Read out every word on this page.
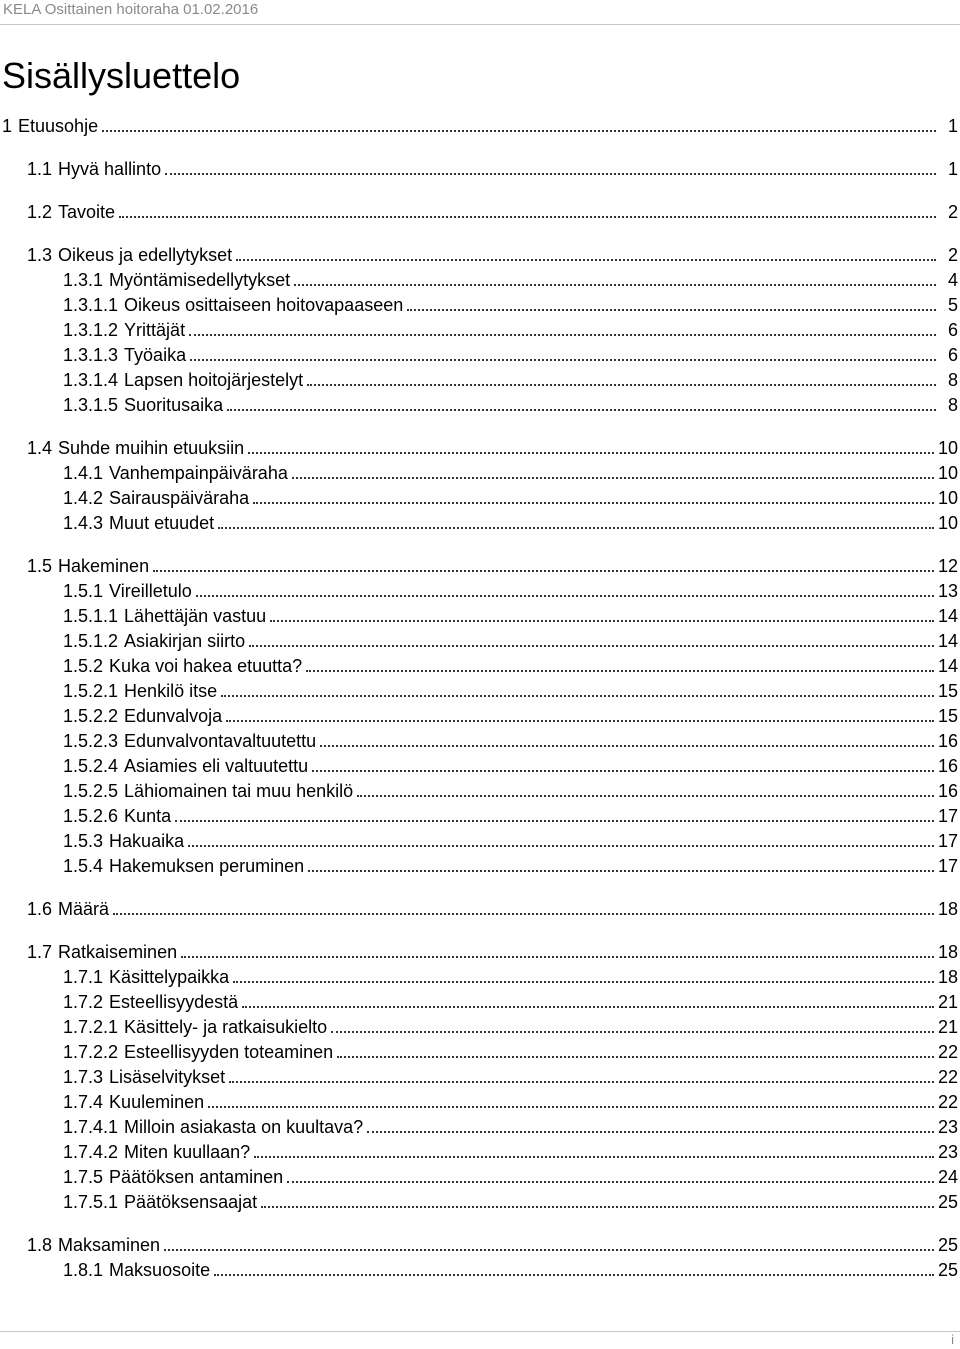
KELA Osittainen hoitoraha 01.02.2016
Sisällysluettelo
1 Etuusohje	1
1.1 Hyvä hallinto	1
1.2 Tavoite	2
1.3 Oikeus ja edellytykset	2
1.3.1 Myöntämisedellytykset	4
1.3.1.1 Oikeus osittaiseen hoitovapaaseen	5
1.3.1.2 Yrittäjät	6
1.3.1.3 Työaika	6
1.3.1.4 Lapsen hoitojärjestelyt	8
1.3.1.5 Suoritusaika	8
1.4 Suhde muihin etuuksiin	10
1.4.1 Vanhempainpäiväraha	10
1.4.2 Sairauspäiväraha	10
1.4.3 Muut etuudet	10
1.5 Hakeminen	12
1.5.1 Vireilletulo	13
1.5.1.1 Lähettäjän vastuu	14
1.5.1.2 Asiakirjan siirto	14
1.5.2 Kuka voi hakea etuutta?	14
1.5.2.1 Henkilö itse	15
1.5.2.2 Edunvalvoja	15
1.5.2.3 Edunvalvontavaltuutettu	16
1.5.2.4 Asiamies eli valtuutettu	16
1.5.2.5 Lähiomainen tai muu henkilö	16
1.5.2.6 Kunta	17
1.5.3 Hakuaika	17
1.5.4 Hakemuksen peruminen	17
1.6 Määrä	18
1.7 Ratkaiseminen	18
1.7.1 Käsittelypaikka	18
1.7.2 Esteellisyydestä	21
1.7.2.1 Käsittely- ja ratkaisukielto	21
1.7.2.2 Esteellisyyden toteaminen	22
1.7.3 Lisäselvitykset	22
1.7.4 Kuuleminen	22
1.7.4.1 Milloin asiakasta on kuultava?	23
1.7.4.2 Miten kuullaan?	23
1.7.5 Päätöksen antaminen	24
1.7.5.1 Päätöksensaajat	25
1.8 Maksaminen	25
1.8.1 Maksuosoite	25
i
